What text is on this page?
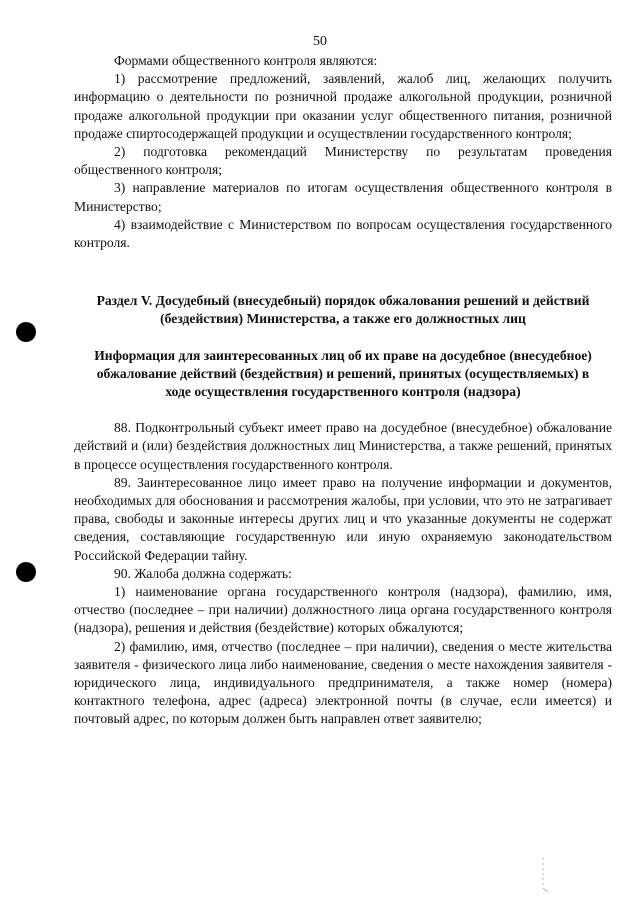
50

Формами общественного контроля являются:

1) рассмотрение предложений, заявлений, жалоб лиц, желающих получить информацию о деятельности по розничной продаже алкогольной продукции, розничной продаже алкогольной продукции при оказании услуг общественного питания, розничной продаже спиртосодержащей продукции и осуществлении государственного контроля;

2) подготовка рекомендаций Министерству по результатам проведения общественного контроля;

3) направление материалов по итогам осуществления общественного контроля в Министерство;

4) взаимодействие с Министерством по вопросам осуществления государственного контроля.

Раздел V. Досудебный (внесудебный) порядок обжалования решений и действий (бездействия) Министерства, а также его должностных лиц
Информация для заинтересованных лиц об их праве на досудебное (внесудебное) обжалование действий (бездействия) и решений, принятых (осуществляемых) в ходе осуществления государственного контроля (надзора)

88. Подконтрольный субъект имеет право на досудебное (внесудебное) обжалование действий и (или) бездействия должностных лиц Министерства, а также решений, принятых в процессе осуществления государственного контроля.

89. Заинтересованное лицо имеет право на получение информации и документов, необходимых для обоснования и рассмотрения жалобы, при условии, что это не затрагивает права, свободы и законные интересы других лиц и что указанные документы не содержат сведения, составляющие государственную или иную охраняемую законодательством Российской Федерации тайну.

90. Жалоба должна содержать:

1) наименование органа государственного контроля (надзора), фамилию, имя, отчество (последнее – при наличии) должностного лица органа государственного контроля (надзора), решения и действия (бездействие) которых обжалуются;

2) фамилию, имя, отчество (последнее – при наличии), сведения о месте жительства заявителя - физического лица либо наименование, сведения о месте нахождения заявителя - юридического лица, индивидуального предпринимателя, а также номер (номера) контактного телефона, адрес (адреса) электронной почты (в случае, если имеется) и почтовый адрес, по которым должен быть направлен ответ заявителю;
